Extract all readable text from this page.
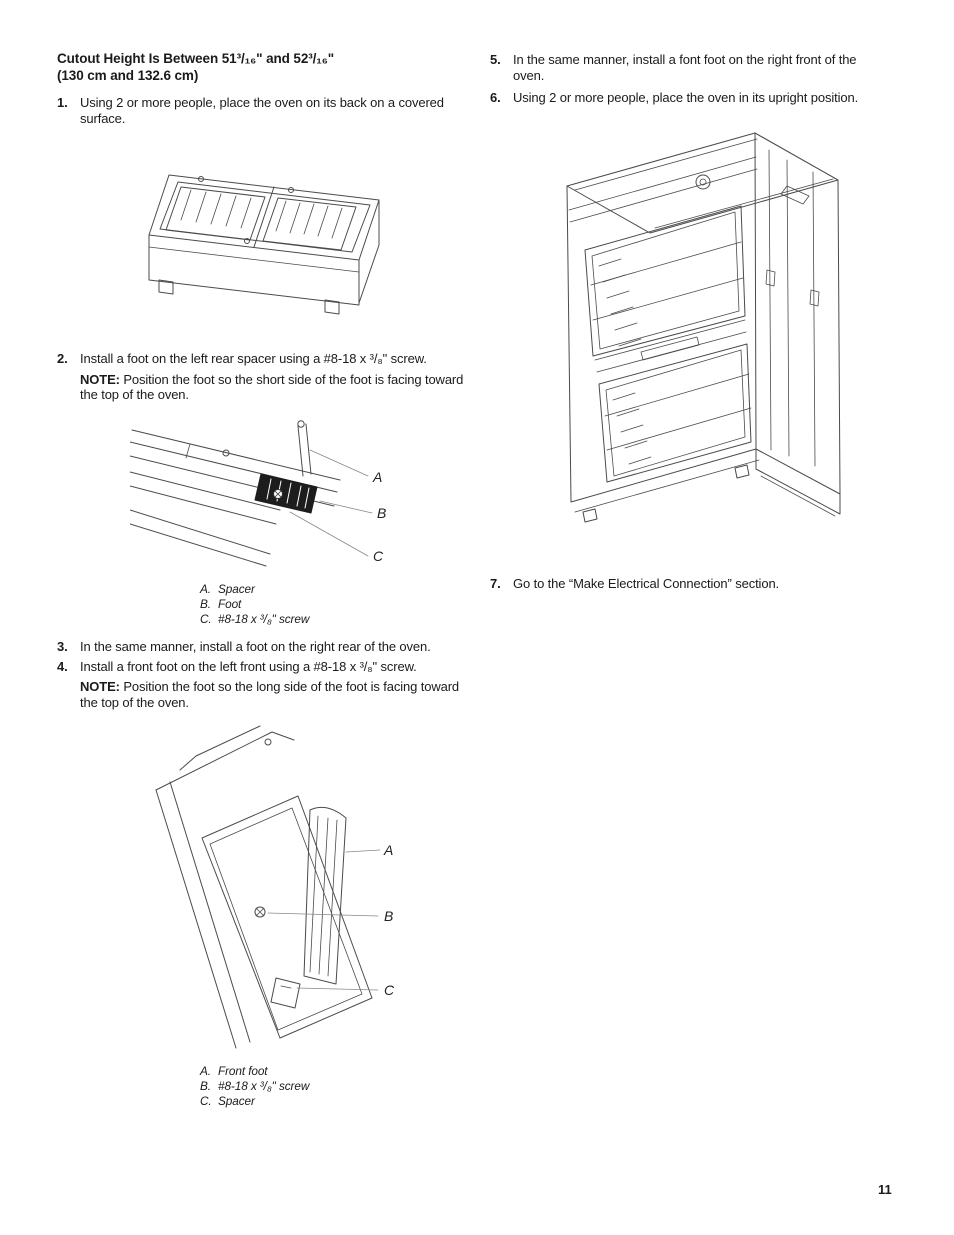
Cutout Height Is Between 51³/₁₆" and 52³/₁₆"
(130 cm and 132.6 cm)
1. Using 2 or more people, place the oven on its back on a covered surface.
2. Install a foot on the left rear spacer using a #8-18 x ³/₈" screw.
NOTE: Position the foot so the short side of the foot is facing toward the top of the oven.
A
B
C
A. Spacer
B. Foot
C. #8-18 x ³/₈" screw
3. In the same manner, install a foot on the right rear of the oven.
4. Install a front foot on the left front using a #8-18 x ³/₈" screw.
NOTE: Position the foot so the long side of the foot is facing toward the top of the oven.
A
B
C
A. Front foot
B. #8-18 x ³/₈" screw
C. Spacer
5. In the same manner, install a font foot on the right front of the oven.
6. Using 2 or more people, place the oven in its upright position.
7. Go to the “Make Electrical Connection” section.
11
